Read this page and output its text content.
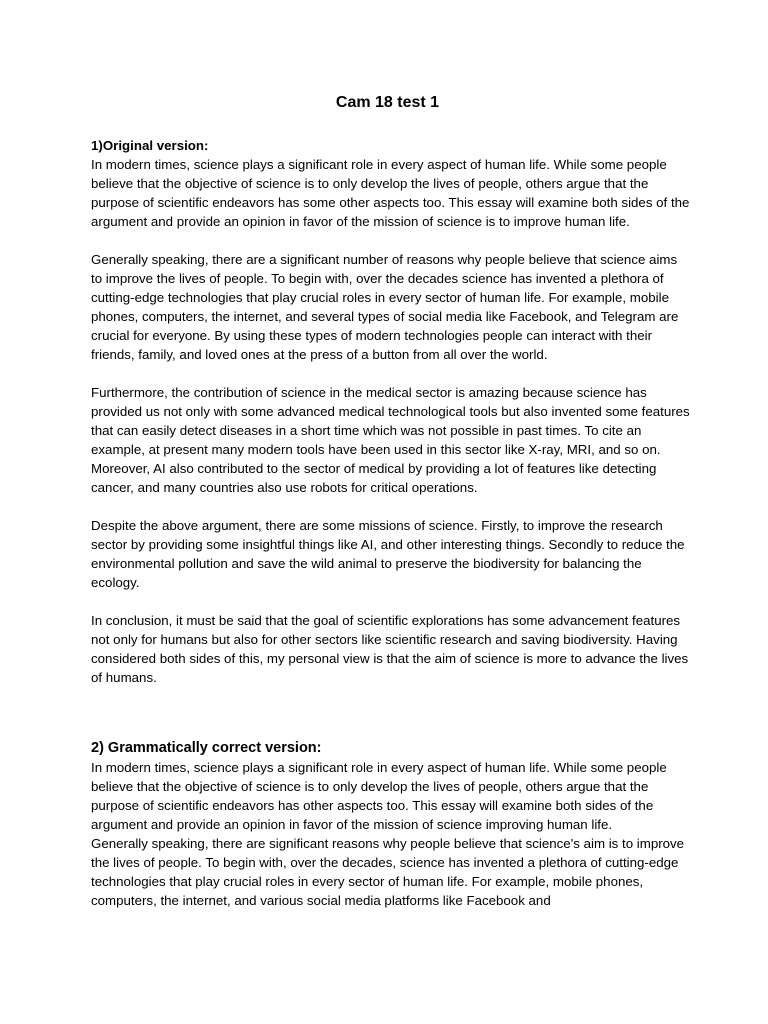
Cam 18 test 1
1)Original version:

In modern times, science plays a significant role in every aspect of human life. While some people believe that the objective of science is to only develop the lives of people, others argue that the purpose of scientific endeavors has some other aspects too. This essay will examine both sides of the argument and provide an opinion in favor of the mission of science is to improve human life.

Generally speaking, there are a significant number of reasons why people believe that science aims to improve the lives of people. To begin with, over the decades science has invented a plethora of cutting-edge technologies that play crucial roles in every sector of human life. For example, mobile phones, computers, the internet, and several types of social media like Facebook, and Telegram are crucial for everyone. By using these types of modern technologies people can interact with their friends, family, and loved ones at the press of a button from all over the world.

Furthermore, the contribution of science in the medical sector is amazing because science has provided us not only with some advanced medical technological tools but also invented some features that can easily detect diseases in a short time which was not possible in past times. To cite an example, at present many modern tools have been used in this sector like X-ray, MRI, and so on. Moreover, AI also contributed to the sector of medical by providing a lot of features like detecting cancer, and many countries also use robots for critical operations.

Despite the above argument, there are some missions of science. Firstly, to improve the research sector by providing some insightful things like AI, and other interesting things. Secondly to reduce the environmental pollution and save the wild animal to preserve the biodiversity for balancing the ecology.

In conclusion, it must be said that the goal of scientific explorations has some advancement features not only for humans but also for other sectors like scientific research and saving biodiversity. Having considered both sides of this, my personal view is that the aim of science is more to advance the lives of humans.

2) Grammatically correct version:

In modern times, science plays a significant role in every aspect of human life. While some people believe that the objective of science is to only develop the lives of people, others argue that the purpose of scientific endeavors has other aspects too. This essay will examine both sides of the argument and provide an opinion in favor of the mission of science improving human life.

Generally speaking, there are significant reasons why people believe that science's aim is to improve the lives of people. To begin with, over the decades, science has invented a plethora of cutting-edge technologies that play crucial roles in every sector of human life. For example, mobile phones, computers, the internet, and various social media platforms like Facebook and
